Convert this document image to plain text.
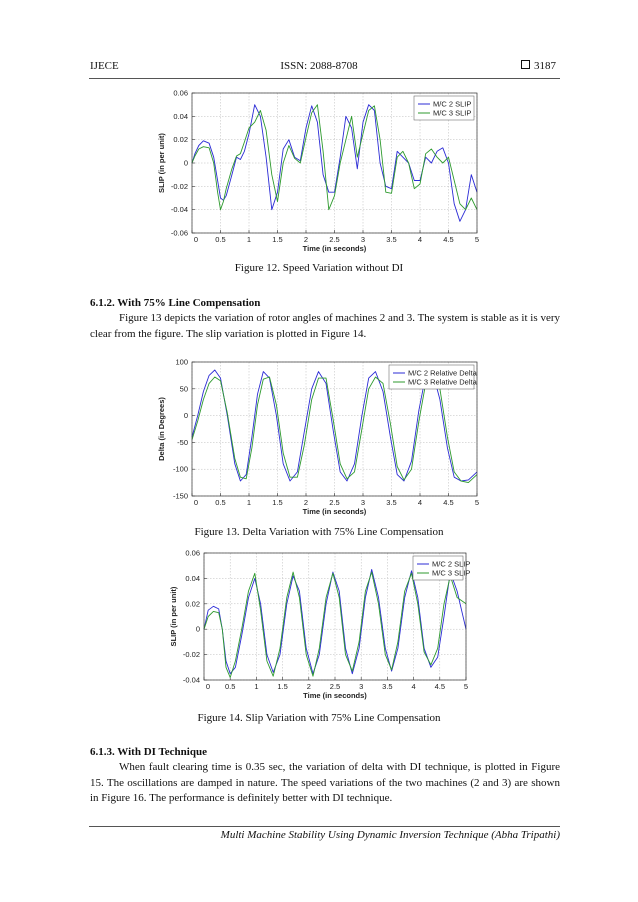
IJECE	ISSN: 2088-8708	3187
0 0.5	1	1.5	2	2.5	3	3.5	4	4.5	5
-0.06
-0.04
-0.02
0
0.02
0.04
0.06
Time (in seconds)
SLIP (in per unit)
M/C 2 SLIP
M/C 3 SLIP
Figure 12. Speed Variation without DI
6.1.2. With 75% Line Compensation
Figure 13 depicts the variation of rotor angles of machines 2 and 3. The system is stable as it is very clear from the figure. The slip variation is plotted in Figure 14.
0 0.5	1	1.5	2	2.5	3	3.5	4	4.5	5
-150
-100
-50
0
50
100
Time (in seconds)
Delta (in Degrees)
M/C 2 Relative Delta
M/C 3 Relative Delta
Figure 13. Delta Variation with 75% Line Compensation
0 0.5	1	1.5	2	2.5	3	3.5	4	4.5	5
-0.04
-0.02
0
0.02
0.04
0.06
Time (in seconds)
SLIP (in per unit)
M/C 2 SLIP
M/C 3 SLIP
Figure 14. Slip Variation with 75% Line Compensation
6.1.3. With DI Technique
When fault clearing time is 0.35 sec, the variation of delta with DI technique, is plotted in Figure 15. The oscillations are damped in nature. The speed variations of the two machines (2 and 3) are shown in Figure 16. The performance is definitely better with DI technique.
Multi Machine Stability Using Dynamic Inversion Technique (Abha Tripathi)
